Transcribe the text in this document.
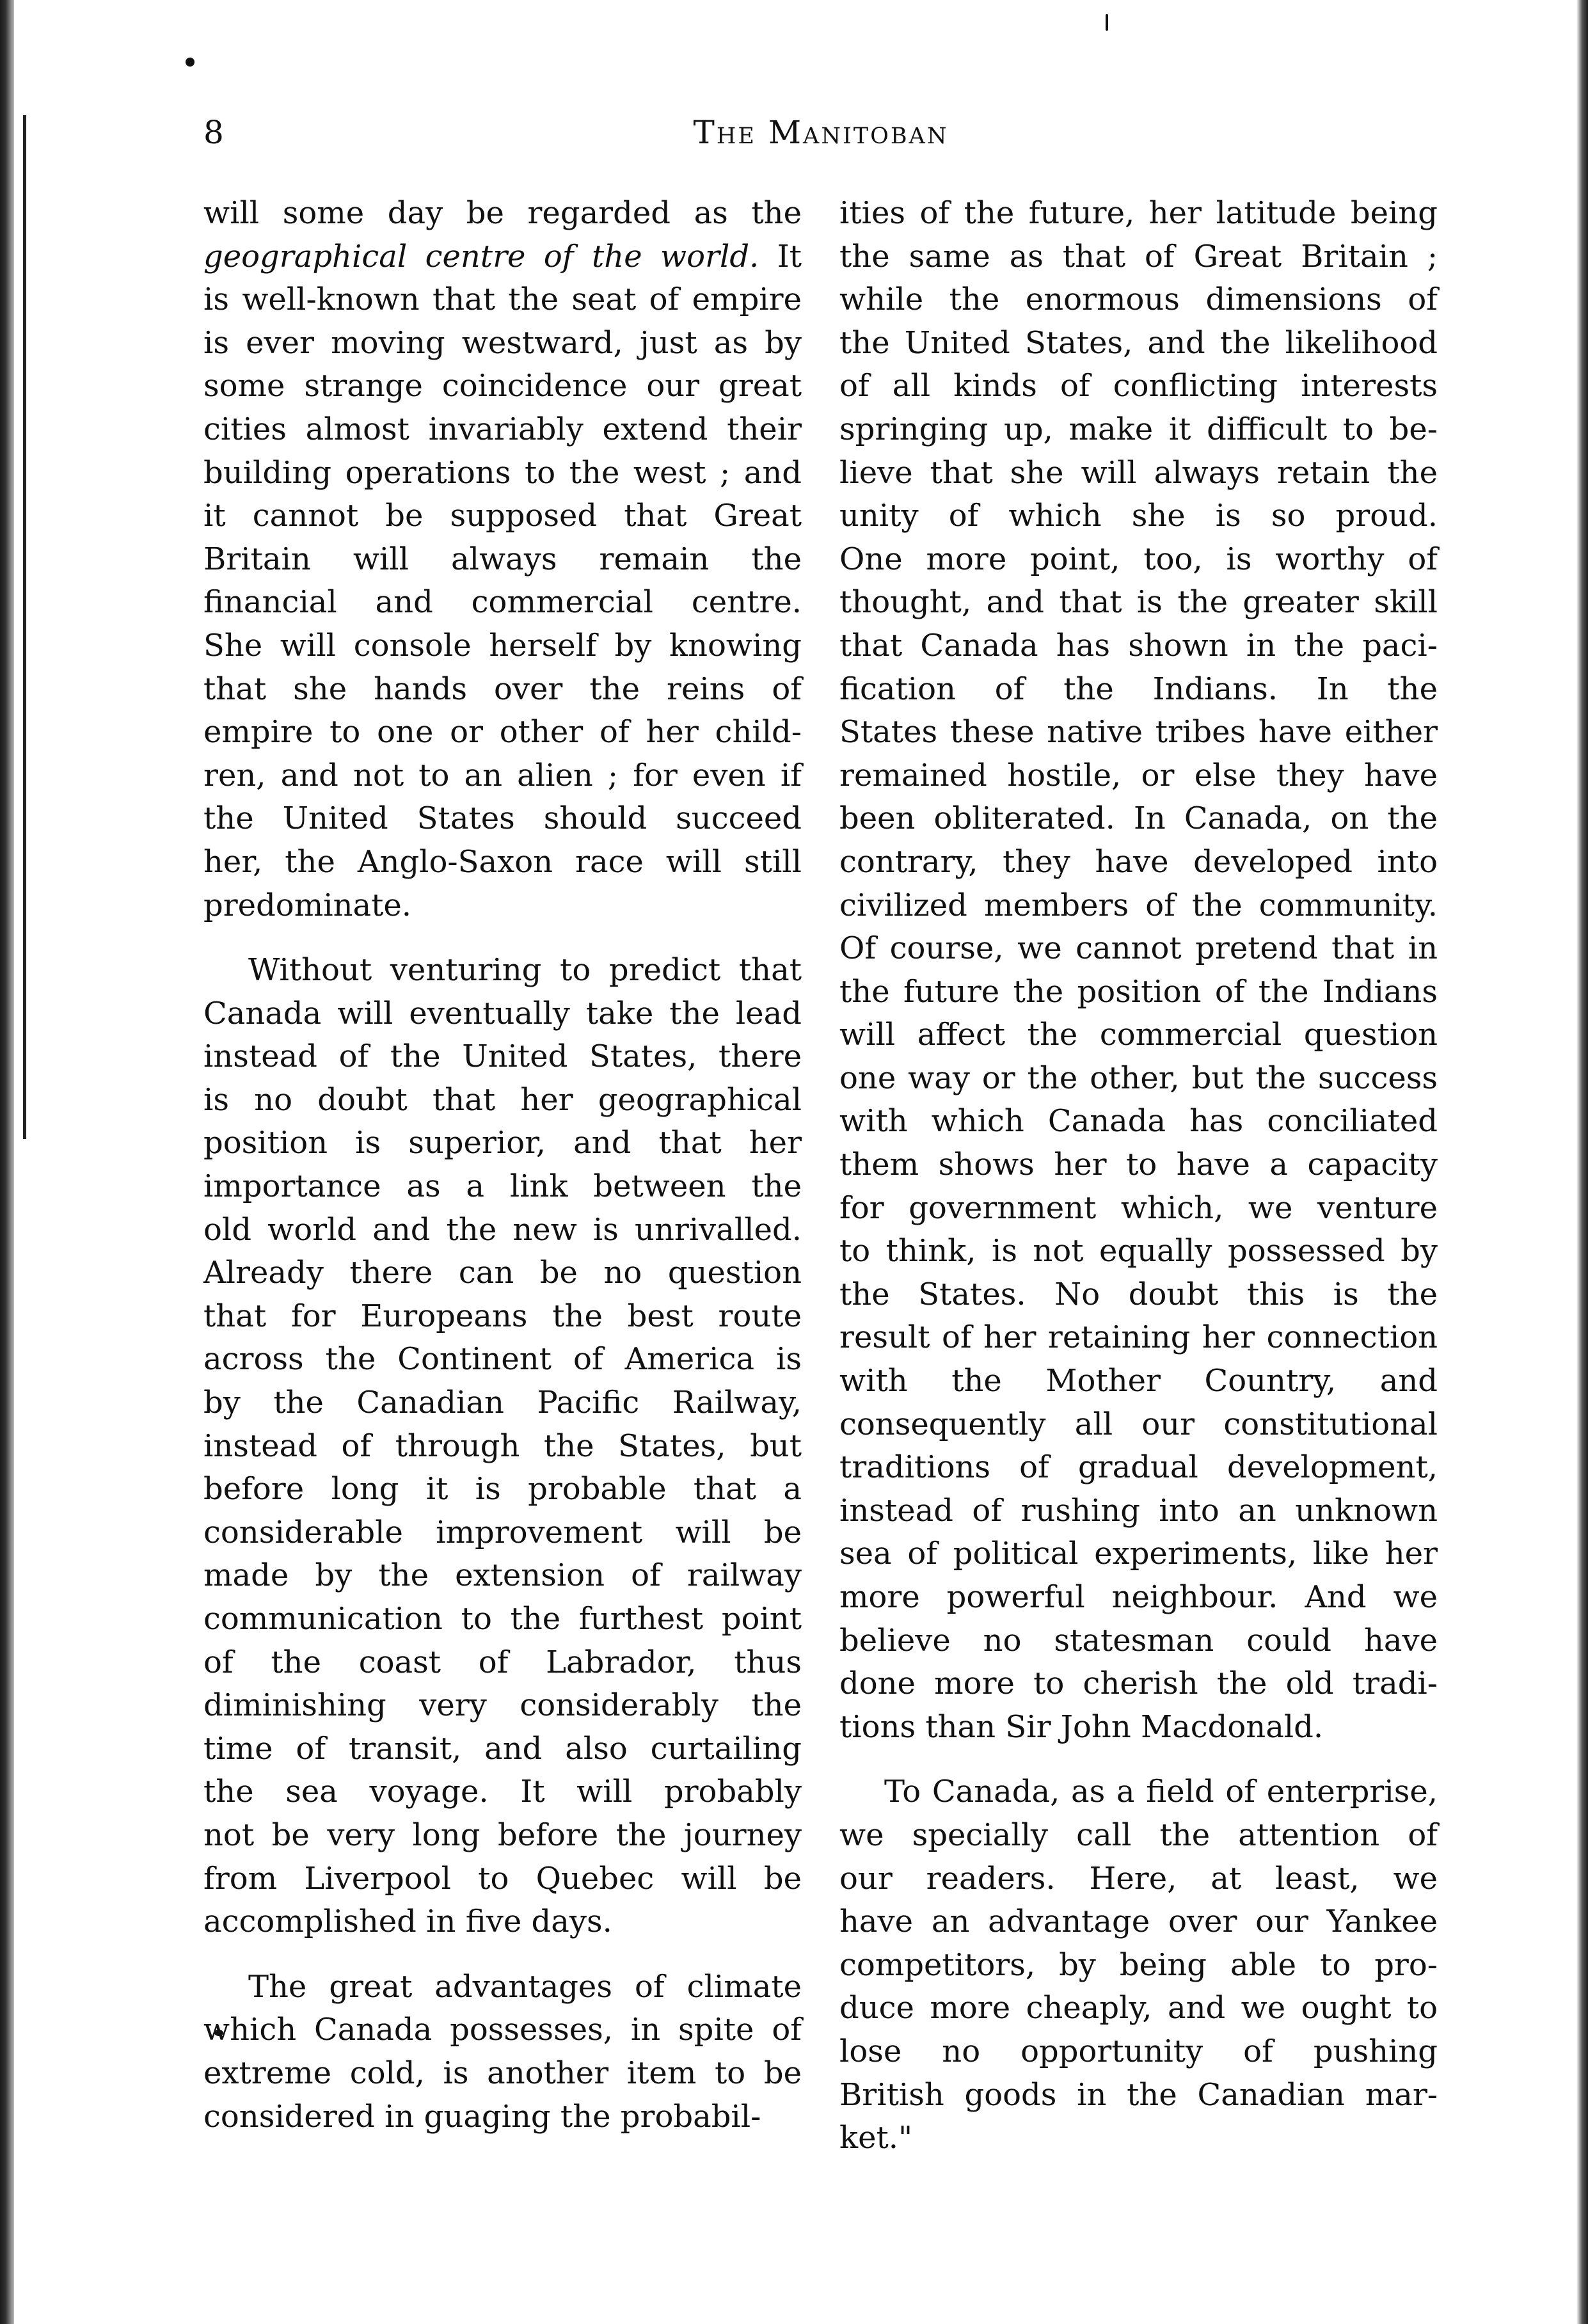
8	The Manitoban
will some day be regarded as the
geographical centre of the world. It
is well-known that the seat of empire
is ever moving westward, just as by
some strange coincidence our great
cities almost invariably extend their
building operations to the west ; and
it cannot be supposed that Great
Britain will always remain the
financial and commercial centre.
She will console herself by knowing
that she hands over the reins of
empire to one or other of her child-
ren, and not to an alien ; for even if
the United States should succeed
her, the Anglo-Saxon race will still
predominate.
Without venturing to predict that
Canada will eventually take the lead
instead of the United States, there
is no doubt that her geographical
position is superior, and that her
importance as a link between the
old world and the new is unrivalled.
Already there can be no question
that for Europeans the best route
across the Continent of America is
by the Canadian Pacific Railway,
instead of through the States, but
before long it is probable that a
considerable improvement will be
made by the extension of railway
communication to the furthest point
of the coast of Labrador, thus
diminishing very considerably the
time of transit, and also curtailing
the sea voyage. It will probably
not be very long before the journey
from Liverpool to Quebec will be
accomplished in five days.
The great advantages of climate
which Canada possesses, in spite of
extreme cold, is another item to be
considered in guaging the probabil-
ities of the future, her latitude being
the same as that of Great Britain ;
while the enormous dimensions of
the United States, and the likelihood
of all kinds of conflicting interests
springing up, make it difficult to be-
lieve that she will always retain the
unity of which she is so proud.
One more point, too, is worthy of
thought, and that is the greater skill
that Canada has shown in the paci-
fication of the Indians. In the
States these native tribes have either
remained hostile, or else they have
been obliterated. In Canada, on the
contrary, they have developed into
civilized members of the community.
Of course, we cannot pretend that in
the future the position of the Indians
will affect the commercial question
one way or the other, but the success
with which Canada has conciliated
them shows her to have a capacity
for government which, we venture
to think, is not equally possessed by
the States. No doubt this is the
result of her retaining her connection
with the Mother Country, and
consequently all our constitutional
traditions of gradual development,
instead of rushing into an unknown
sea of political experiments, like her
more powerful neighbour. And we
believe no statesman could have
done more to cherish the old tradi-
tions than Sir John Macdonald.
To Canada, as a field of enterprise,
we specially call the attention of
our readers. Here, at least, we
have an advantage over our Yankee
competitors, by being able to pro-
duce more cheaply, and we ought to
lose no opportunity of pushing
British goods in the Canadian mar-
ket."
